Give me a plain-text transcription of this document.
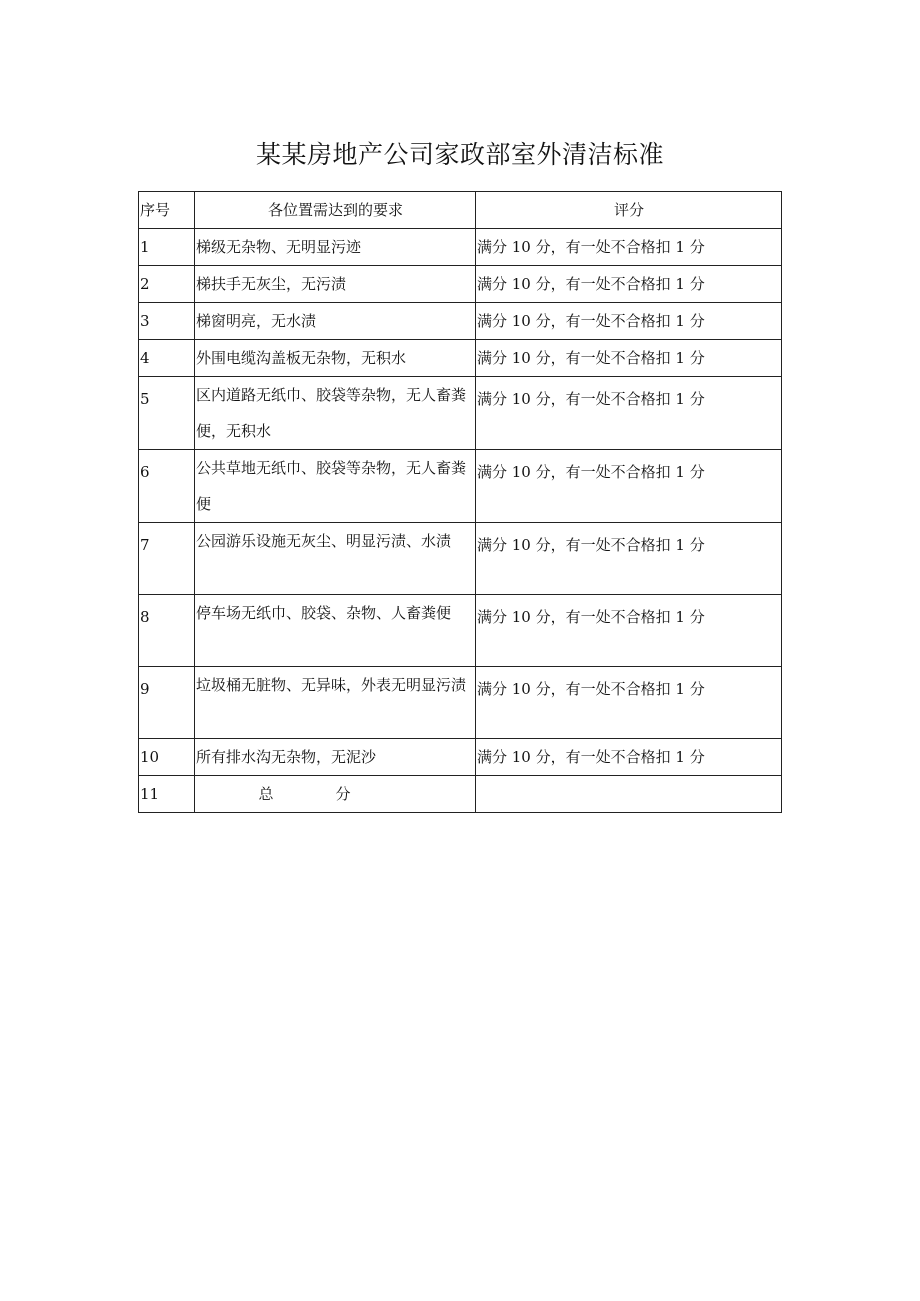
某某房地产公司家政部室外清洁标准
序号	各位置需达到的要求	评分
1	梯级无杂物、无明显污迹	满分 10 分，有一处不合格扣 1 分
2	梯扶手无灰尘，无污渍	满分 10 分，有一处不合格扣 1 分
3	梯窗明亮，无水渍	满分 10 分，有一处不合格扣 1 分
4	外围电缆沟盖板无杂物，无积水	满分 10 分，有一处不合格扣 1 分
5	区内道路无纸巾、胶袋等杂物，无人畜粪便，无积水	满分 10 分，有一处不合格扣 1 分
6	公共草地无纸巾、胶袋等杂物，无人畜粪便	满分 10 分，有一处不合格扣 1 分
7	公园游乐设施无灰尘、明显污渍、水渍	满分 10 分，有一处不合格扣 1 分
8	停车场无纸巾、胶袋、杂物、人畜粪便	满分 10 分，有一处不合格扣 1 分
9	垃圾桶无脏物、无异味，外表无明显污渍	满分 10 分，有一处不合格扣 1 分
10	所有排水沟无杂物，无泥沙	满分 10 分，有一处不合格扣 1 分
11	总分	
